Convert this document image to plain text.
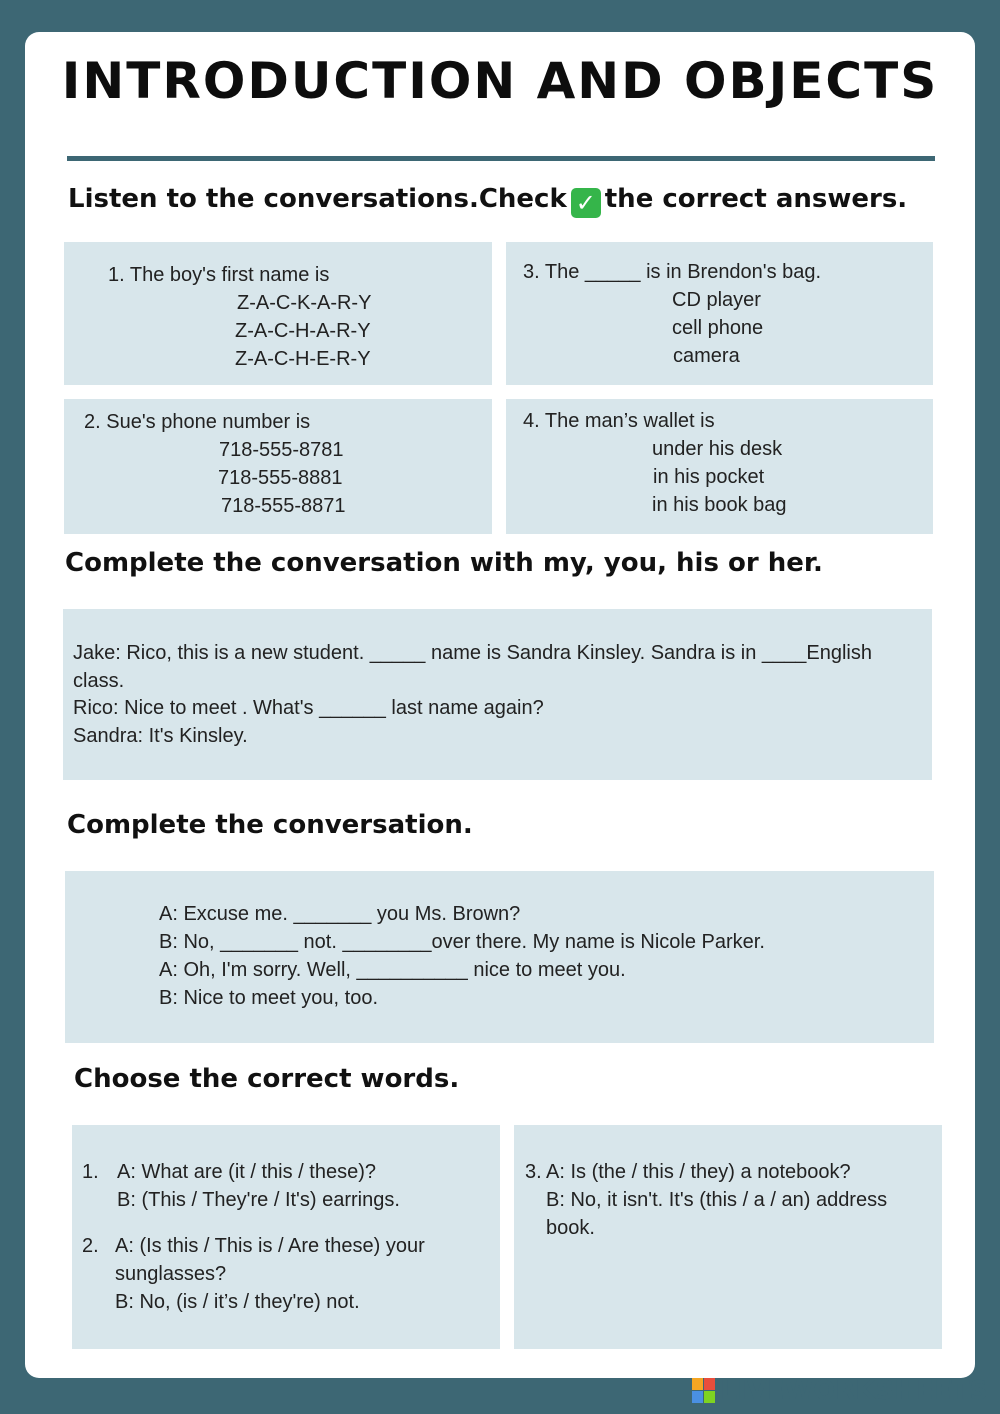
INTRODUCTION AND OBJECTS
Listen to the conversations.Check ✓ the correct answers.
1. The boy's first name is
Z-A-C-K-A-R-Y
Z-A-C-H-A-R-Y
Z-A-C-H-E-R-Y
3. The _____ is in Brendon's bag.
CD player
cell phone
camera
2. Sue's phone number is
718-555-8781
718-555-8881
718-555-8871
4. The man’s wallet is
under his desk
in his pocket
in his book bag
Complete the conversation with my, you, his or her.
Jake: Rico, this is a new student. _____ name is Sandra Kinsley. Sandra is in ____English class.
Rico: Nice to meet . What's ______ last name again?
Sandra: It's Kinsley.
Complete the conversation.
A: Excuse me. _______ you Ms. Brown?
B: No, _______ not. ________over there. My name is Nicole Parker.
A: Oh, I'm sorry. Well, __________ nice to meet you.
B: Nice to meet you, too.
Choose the correct words.
1. A: What are (it / this / these)?
B: (This / They're / It's) earrings.
2. A: (Is this / This is / Are these) your sunglasses?
B: No, (is / it’s / they're) not.
3. A: Is (the / this / they) a notebook?
B: No, it isn't. It's (this / a / an) address book.
LIVEWORKSHEETS
